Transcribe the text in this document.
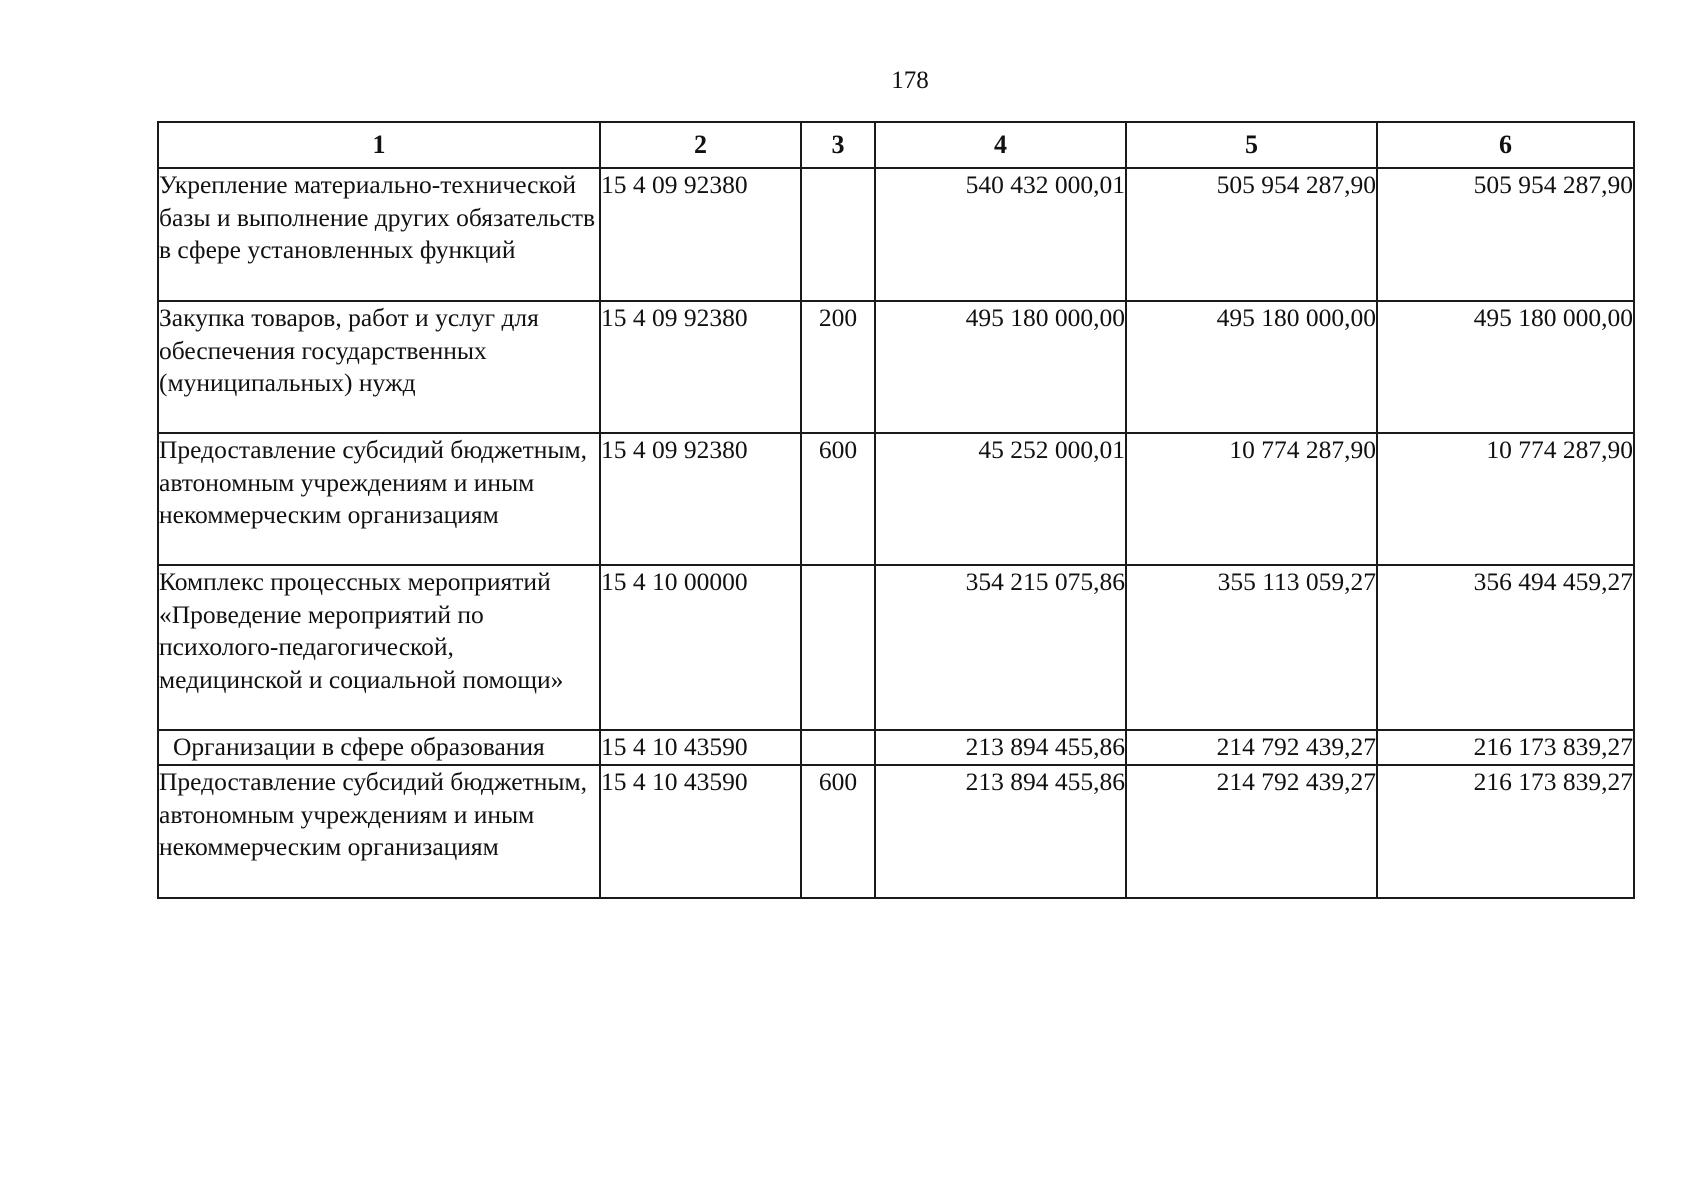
178
1	2	3	4	5	6
Укрепление материально-технической базы и выполнение других обязательств в сфере установленных функций	15 4 09 92380		540 432 000,01	505 954 287,90	505 954 287,90
Закупка товаров, работ и услуг для обеспечения государственных (муниципальных) нужд	15 4 09 92380	200	495 180 000,00	495 180 000,00	495 180 000,00
Предоставление субсидий бюджетным, автономным учреждениям и иным некоммерческим организациям	15 4 09 92380	600	45 252 000,01	10 774 287,90	10 774 287,90
Комплекс процессных мероприятий «Проведение мероприятий по психолого-педагогической, медицинской и социальной помощи»	15 4 10 00000		354 215 075,86	355 113 059,27	356 494 459,27
Организации в сфере образования	15 4 10 43590		213 894 455,86	214 792 439,27	216 173 839,27
Предоставление субсидий бюджетным, автономным учреждениям и иным некоммерческим организациям	15 4 10 43590	600	213 894 455,86	214 792 439,27	216 173 839,27
